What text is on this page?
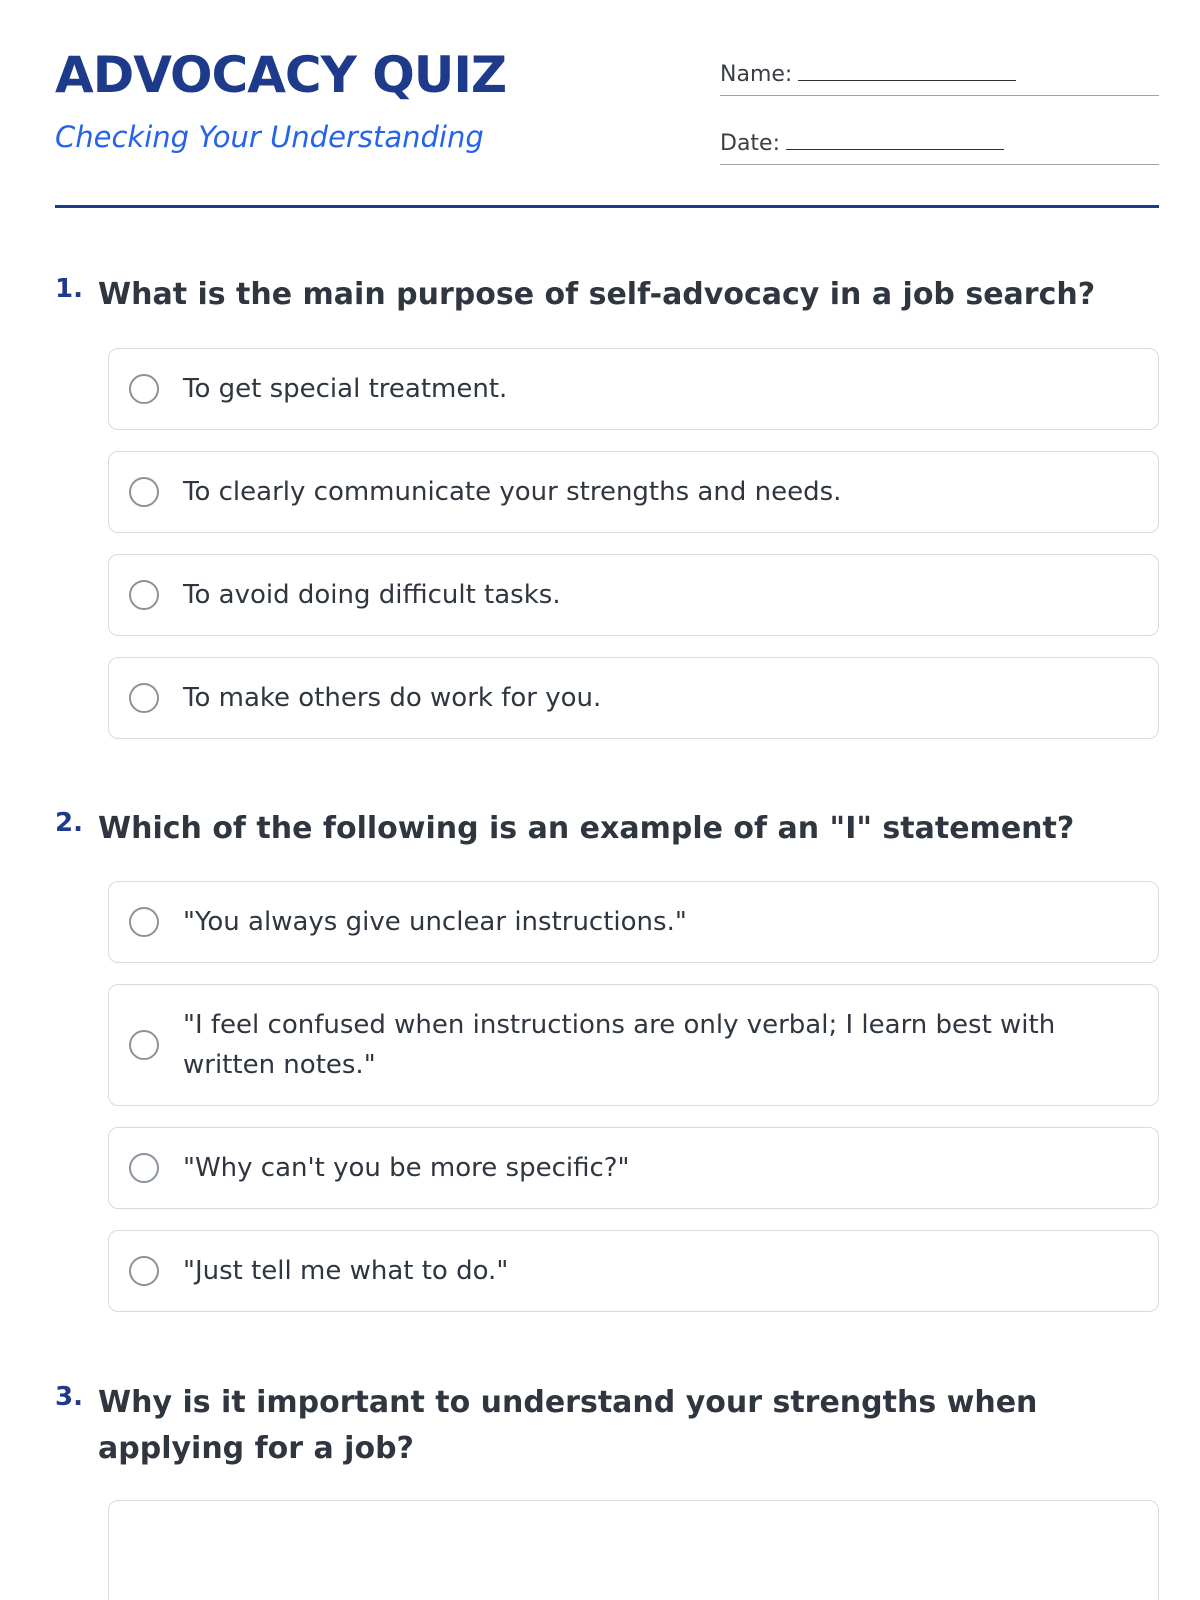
ADVOCACY QUIZ
Checking Your Understanding
Name:
Date:
1. What is the main purpose of self-advocacy in a job search?

To get special treatment.
To clearly communicate your strengths and needs.
To avoid doing difficult tasks.
To make others do work for you.
2. Which of the following is an example of an "I" statement?

"You always give unclear instructions."
"I feel confused when instructions are only verbal; I learn best with written notes."
"Why can't you be more specific?"
"Just tell me what to do."
3. Why is it important to understand your strengths when applying for a job?
